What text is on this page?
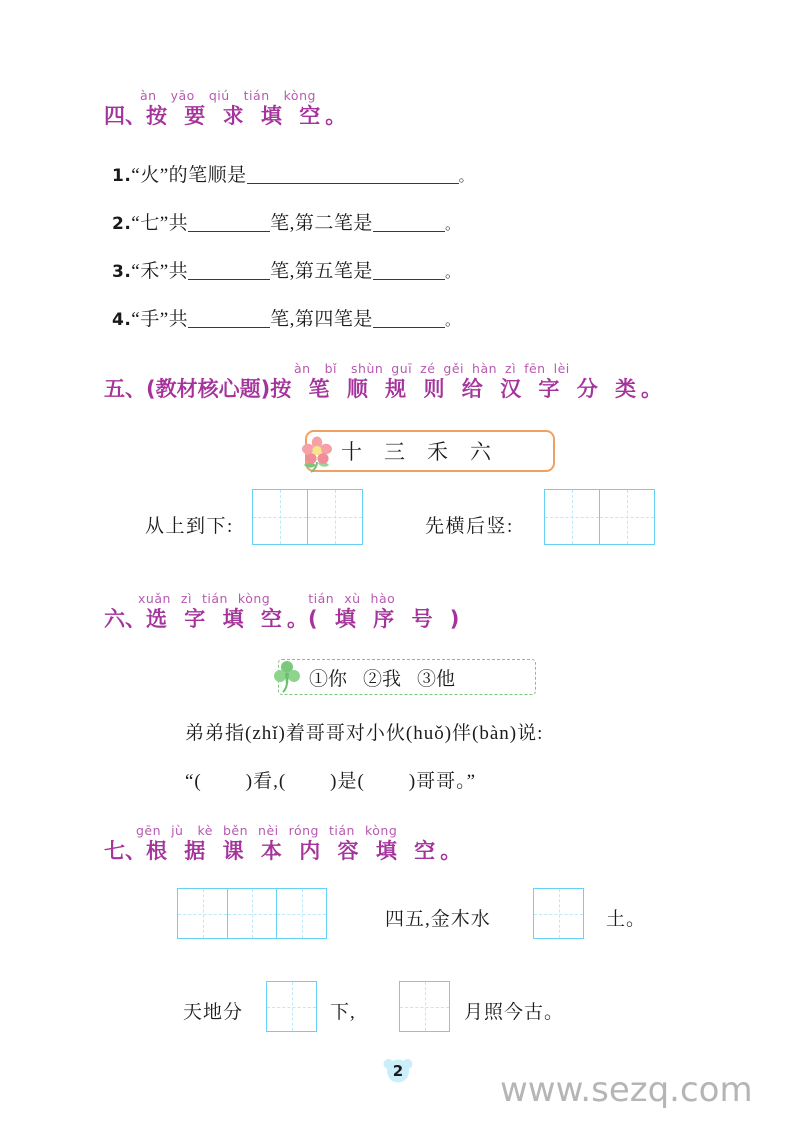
àn yāo qiú tián kòng
四、按 要 求 填 空。
1.“火”的笔顺是	。
2.“七”共	笔,第二笔是	。
3.“禾”共	笔,第五笔是	。
4.“手”共	笔,第四笔是	。
àn bǐ shùn guī zé gěi hàn zì fēn lèi
五、(教材核心题)按 笔 顺 规 则 给 汉 字 分 类。
十三禾六
从上到下:	先横后竖:
xuǎn zì tián kòng	tián xù hào
六、选 字 填 空。( 填 序 号 )
①你 ②我 ③他
弟弟指(zhǐ)着哥哥对小伙(huǒ)伴(bàn)说:
“( )看,( )是( )哥哥。”
gēn jù kè běn nèi róng tián kòng
七、根 据 课 本 内 容 填 空。
四五,金木水	土。
天地分	下,	月照今古。
2	www.sezq.com
